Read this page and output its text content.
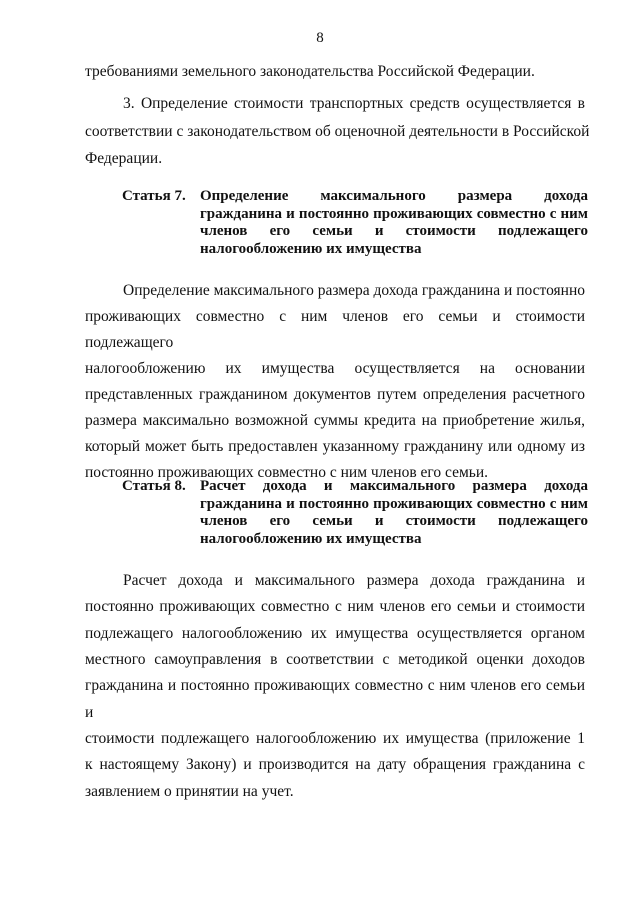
8
требованиями земельного законодательства Российской Федерации.
3. Определение стоимости транспортных средств осуществляется в
соответствии с законодательством об оценочной деятельности в Российской
Федерации.
Статья 7. Определение максимального размера дохода
гражданина и постоянно проживающих совместно с ним
членов его семьи и стоимости подлежащего
налогообложению их имущества
Определение максимального размера дохода гражданина и постоянно
проживающих совместно с ним членов его семьи и стоимости подлежащего
налогообложению их имущества осуществляется на основании
представленных гражданином документов путем определения расчетного
размера максимально возможной суммы кредита на приобретение жилья,
который может быть предоставлен указанному гражданину или одному из
постоянно проживающих совместно с ним членов его семьи.
Статья 8. Расчет дохода и максимального размера дохода
гражданина и постоянно проживающих совместно с ним
членов его семьи и стоимости подлежащего
налогообложению их имущества
Расчет дохода и максимального размера дохода гражданина и
постоянно проживающих совместно с ним членов его семьи и стоимости
подлежащего налогообложению их имущества осуществляется органом
местного самоуправления в соответствии с методикой оценки доходов
гражданина и постоянно проживающих совместно с ним членов его семьи и
стоимости подлежащего налогообложению их имущества (приложение 1
к настоящему Закону) и производится на дату обращения гражданина с
заявлением о принятии на учет.
